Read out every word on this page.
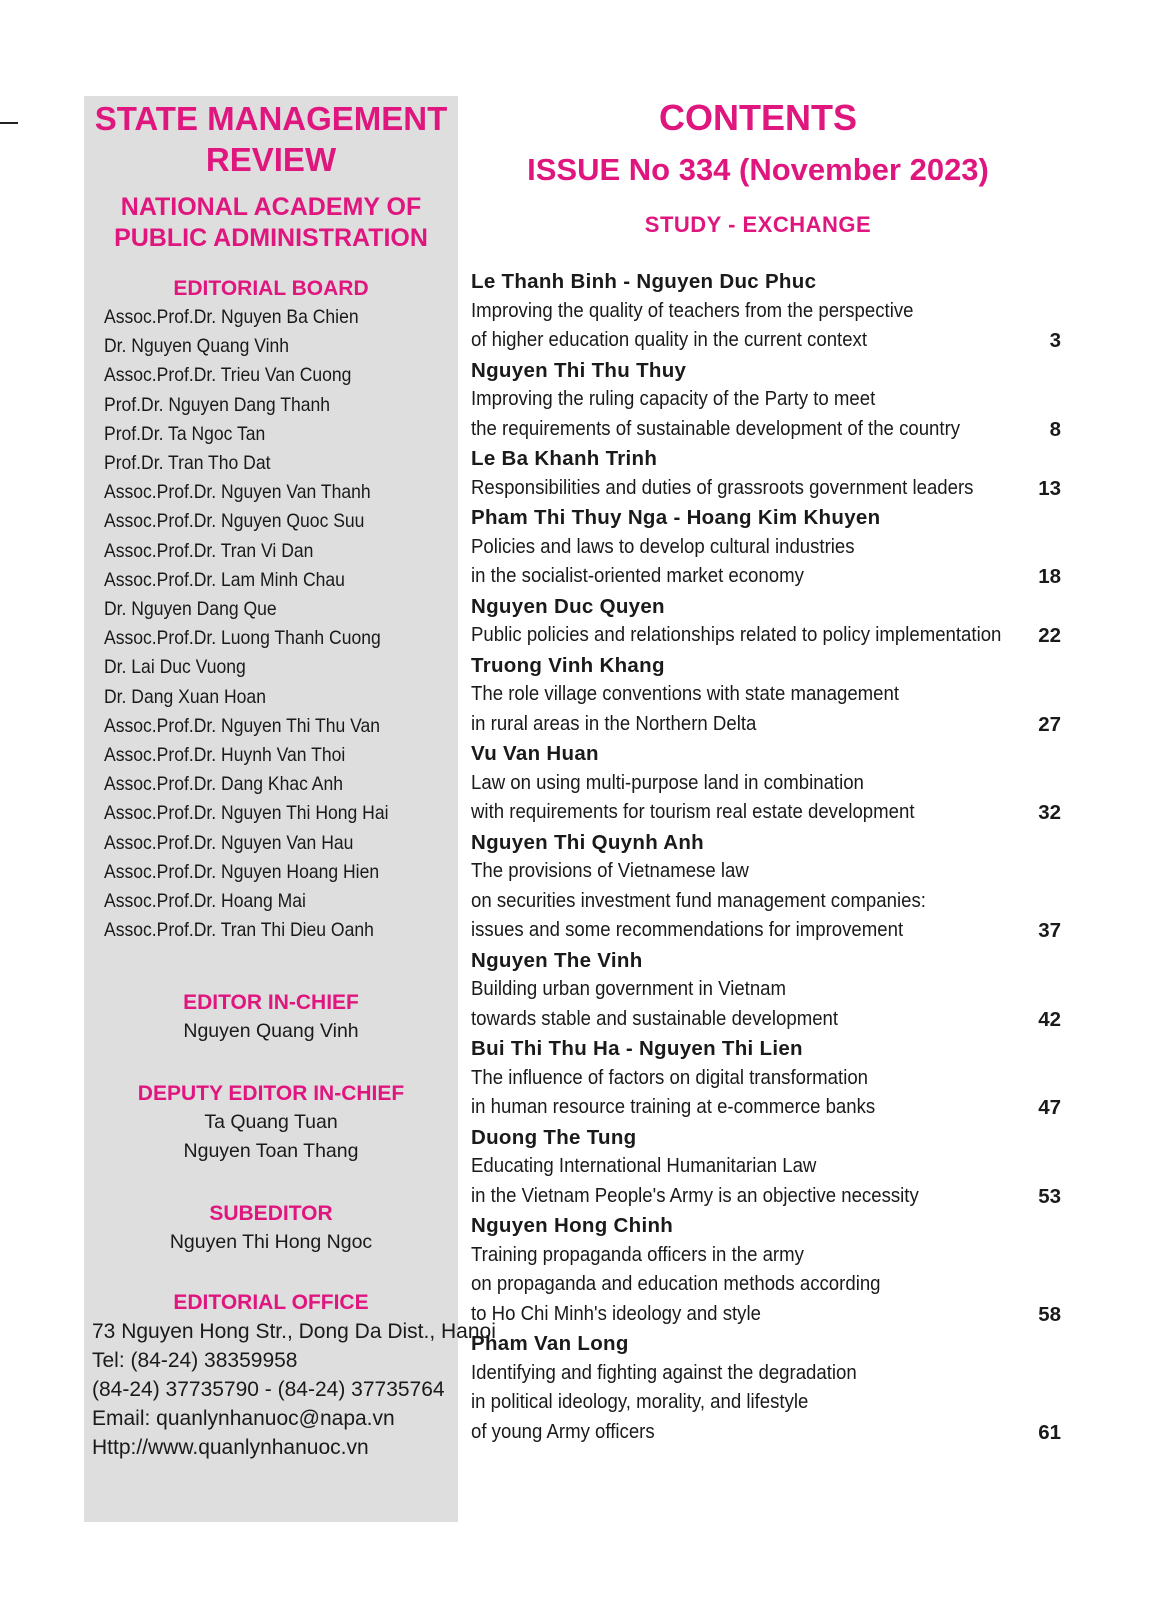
STATE MANAGEMENT
REVIEW
NATIONAL ACADEMY OF
PUBLIC ADMINISTRATION
EDITORIAL BOARD
Assoc.Prof.Dr. Nguyen Ba Chien
Dr. Nguyen Quang Vinh
Assoc.Prof.Dr. Trieu Van Cuong
Prof.Dr. Nguyen Dang Thanh
Prof.Dr. Ta Ngoc Tan
Prof.Dr. Tran Tho Dat
Assoc.Prof.Dr. Nguyen Van Thanh
Assoc.Prof.Dr. Nguyen Quoc Suu
Assoc.Prof.Dr. Tran Vi Dan
Assoc.Prof.Dr. Lam Minh Chau
Dr. Nguyen Dang Que
Assoc.Prof.Dr. Luong Thanh Cuong
Dr. Lai Duc Vuong
Dr. Dang Xuan Hoan
Assoc.Prof.Dr. Nguyen Thi Thu Van
Assoc.Prof.Dr. Huynh Van Thoi
Assoc.Prof.Dr. Dang Khac Anh
Assoc.Prof.Dr. Nguyen Thi Hong Hai
Assoc.Prof.Dr. Nguyen Van Hau
Assoc.Prof.Dr. Nguyen Hoang Hien
Assoc.Prof.Dr. Hoang Mai
Assoc.Prof.Dr. Tran Thi Dieu Oanh
EDITOR IN-CHIEF
Nguyen Quang Vinh
DEPUTY EDITOR IN-CHIEF
Ta Quang Tuan
Nguyen Toan Thang
SUBEDITOR
Nguyen Thi Hong Ngoc
EDITORIAL OFFICE
73 Nguyen Hong Str., Dong Da Dist., Hanoi
Tel: (84-24) 38359958
(84-24) 37735790 - (84-24) 37735764
Email: quanlynhanuoc@napa.vn
Http://www.quanlynhanuoc.vn
CONTENTS
ISSUE No 334 (November 2023)
STUDY - EXCHANGE
Le Thanh Binh - Nguyen Duc Phuc
Improving the quality of teachers from the perspective
of higher education quality in the current context	3
Nguyen Thi Thu Thuy
Improving the ruling capacity of the Party to meet
the requirements of sustainable development of the country	8
Le Ba Khanh Trinh
Responsibilities and duties of grassroots government leaders	13
Pham Thi Thuy Nga - Hoang Kim Khuyen
Policies and laws to develop cultural industries
in the socialist-oriented market economy	18
Nguyen Duc Quyen
Public policies and relationships related to policy implementation	22
Truong Vinh Khang
The role village conventions with state management
in rural areas in the Northern Delta	27
Vu Van Huan
Law on using multi-purpose land in combination
with requirements for tourism real estate development	32
Nguyen Thi Quynh Anh
The provisions of Vietnamese law
on securities investment fund management companies:
issues and some recommendations for improvement	37
Nguyen The Vinh
Building urban government in Vietnam
towards stable and sustainable development	42
Bui Thi Thu Ha - Nguyen Thi Lien
The influence of factors on digital transformation
in human resource training at e-commerce banks	47
Duong The Tung
Educating International Humanitarian Law
in the Vietnam People's Army is an objective necessity	53
Nguyen Hong Chinh
Training propaganda officers in the army
on propaganda and education methods according
to Ho Chi Minh's ideology and style	58
Pham Van Long
Identifying and fighting against the degradation
in political ideology, morality, and lifestyle
of young Army officers	61
